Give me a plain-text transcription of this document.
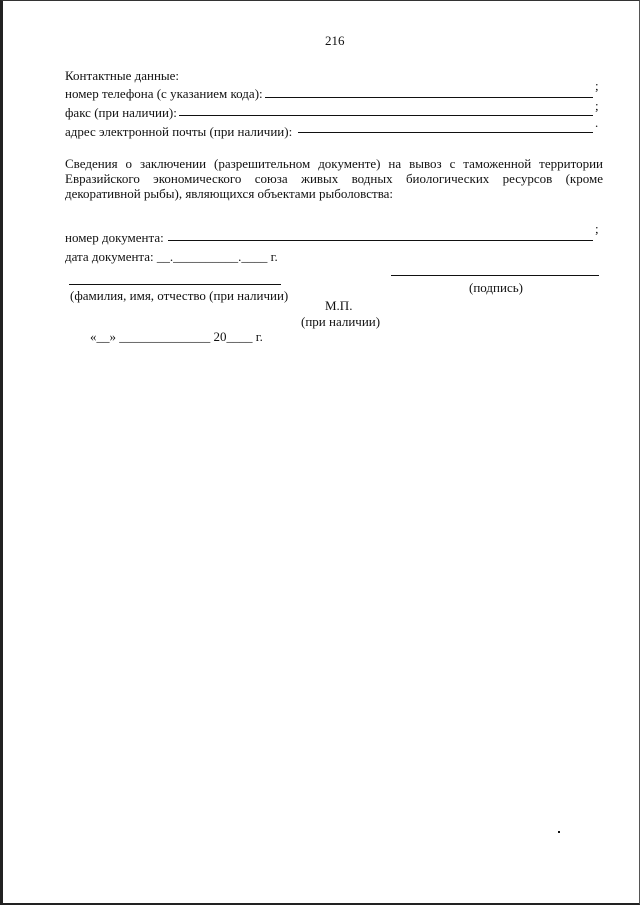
216
Контактные данные:
номер телефона (с указанием кода):
;
факс (при наличии):	;
адрес электронной почты (при наличии):
.
Сведения о заключении (разрешительном документе) на вывоз с таможенной территории Евразийского экономического союза живых водных биологических ресурсов (кроме декоративной рыбы), являющихся объектами рыболовства:
номер документа:
;
дата документа: __.__________.____ г.
(фамилия, имя, отчество (при наличии)
(подпись)
М.П.
(при наличии)
«__» ______________ 20____ г.
